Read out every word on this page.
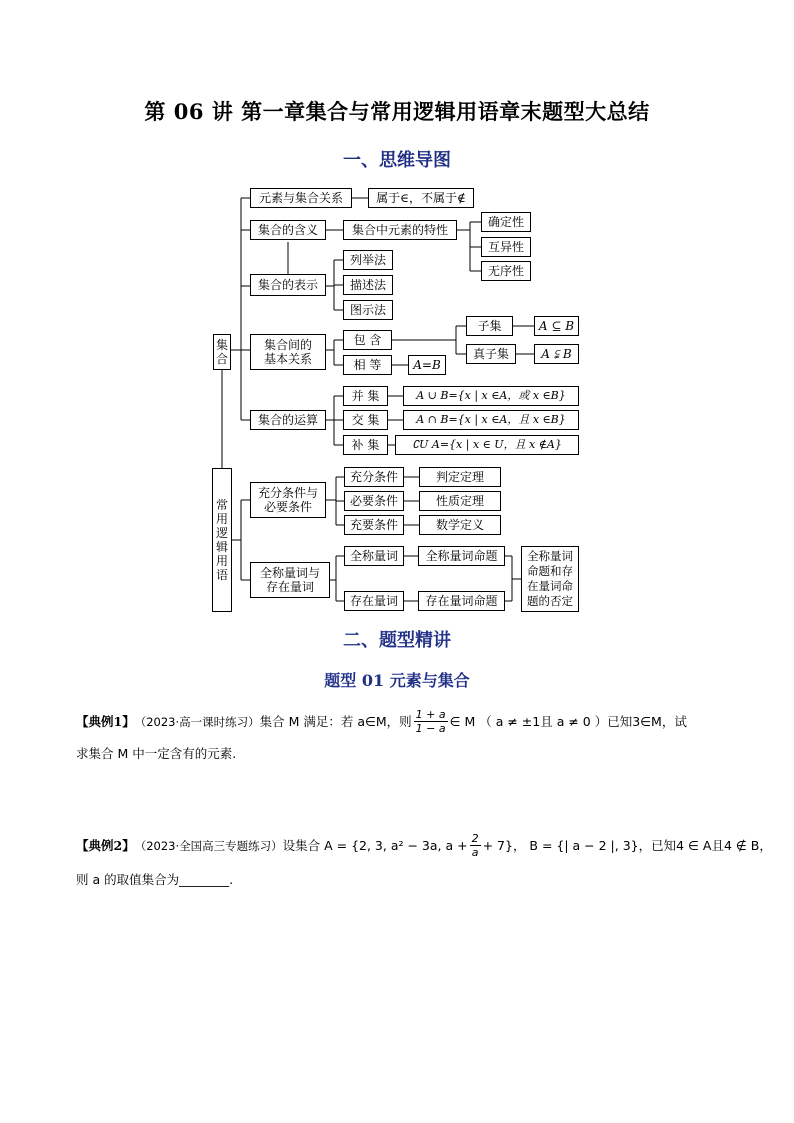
第 06 讲 第一章集合与常用逻辑用语章末题型大总结
一、思维导图
集
合
常
用
逻
辑
用
语
元素与集合关系	属于∈，不属于∉
集合的含义	集合中元素的特性
确定性
互异性
无序性
集合的表示
列举法
描述法
图示法
集合间的
基本关系
包 含
相 等	A=B
子集
真子集
A ⊆ B
A ⫋ B
集合的运算
并 集
交 集
补 集
A ∪ B={x | x ∈A，或 x ∈B}
A ∩ B={x | x ∈A，且 x ∈B}
∁U A={x | x ∈ U，且 x ∉A}
充分条件与
必要条件
充分条件
必要条件
充要条件
判定定理
性质定理
数学定义
全称量词与
存在量词
全称量词	全称量词命题
存在量词	存在量词命题
全称量词
命题和存
在量词命
题的否定
二、题型精讲
题型 01 元素与集合
【典例1】 （2023·高一课时练习） 集合 M 满足：若 a∈M，则 $\frac{1 + a}{1 - a}$ ∈ M （ a ≠ ±1且 a ≠ 0 ）已知3∈M，试
求集合 M 中一定含有的元素.
【典例2】 （2023·全国高三专题练习） 设集合 A = {2, 3, a² − 3a, $a + \frac{2}{a} + 7$}， B = {| a − 2 |, 3}，已知4 ∈ A且4 ∉ B，
则 a 的取值集合为________.
